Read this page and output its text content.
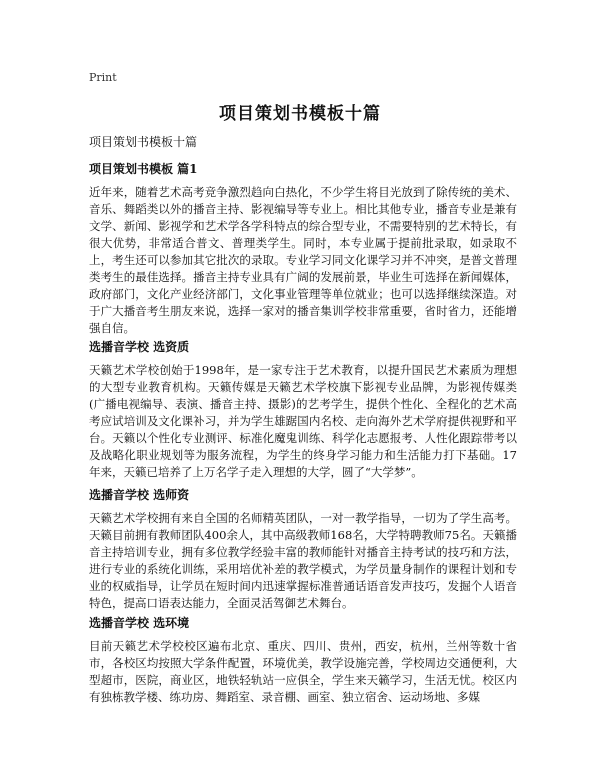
Print
项目策划书模板十篇

项目策划书模板十篇

项目策划书模板 篇1

近年来，随着艺术高考竞争激烈趋向白热化，不少学生将目光放到了除传统的美术、音乐、舞蹈类以外的播音主持、影视编导等专业上。相比其他专业，播音专业是兼有文学、新闻、影视学和艺术学各学科特点的综合型专业，不需要特别的艺术特长，有很大优势，非常适合普文、普理类学生。同时，本专业属于提前批录取，如录取不上，考生还可以参加其它批次的录取。专业学习同文化课学习并不冲突，是普文普理类考生的最佳选择。播音主持专业具有广阔的发展前景，毕业生可选择在新闻媒体，政府部门，文化产业经济部门，文化事业管理等单位就业；也可以选择继续深造。对于广大播音考生朋友来说，选择一家对的播音集训学校非常重要，省时省力，还能增强自信。

选播音学校 选资质

天籁艺术学校创始于1998年，是一家专注于艺术教育，以提升国民艺术素质为理想的大型专业教育机构。天籁传媒是天籁艺术学校旗下影视专业品牌，为影视传媒类(广播电视编导、表演、播音主持、摄影)的艺考学生，提供个性化、全程化的艺术高考应试培训及文化课补习，并为学生雄踞国内名校、走向海外艺术学府提供视野和平台。天籁以个性化专业测评、标准化魔鬼训练、科学化志愿报考、人性化跟踪带考以及战略化职业规划等为服务流程，为学生的终身学习能力和生活能力打下基础。17年来，天籁已培养了上万名学子走入理想的大学，圆了“大学梦”。

选播音学校 选师资

天籁艺术学校拥有来自全国的名师精英团队，一对一教学指导，一切为了学生高考。天籁目前拥有教师团队400余人，其中高级教师168名，大学特聘教师75名。天籁播音主持培训专业，拥有多位教学经验丰富的教师能针对播音主持考试的技巧和方法，进行专业的系统化训练，采用培优补差的教学模式，为学员量身制作的课程计划和专业的权威指导，让学员在短时间内迅速掌握标准普通话语音发声技巧，发掘个人语音特色，提高口语表达能力，全面灵活驾御艺术舞台。

选播音学校 选环境

目前天籁艺术学校校区遍布北京、重庆、四川、贵州，西安，杭州，兰州等数十省市，各校区均按照大学条件配置，环境优美，教学设施完善，学校周边交通便利，大型超市，医院，商业区，地铁轻轨站一应俱全，学生来天籁学习，生活无忧。校区内有独栋教学楼、练功房、舞蹈室、录音棚、画室、独立宿舍、运动场地、多媒
